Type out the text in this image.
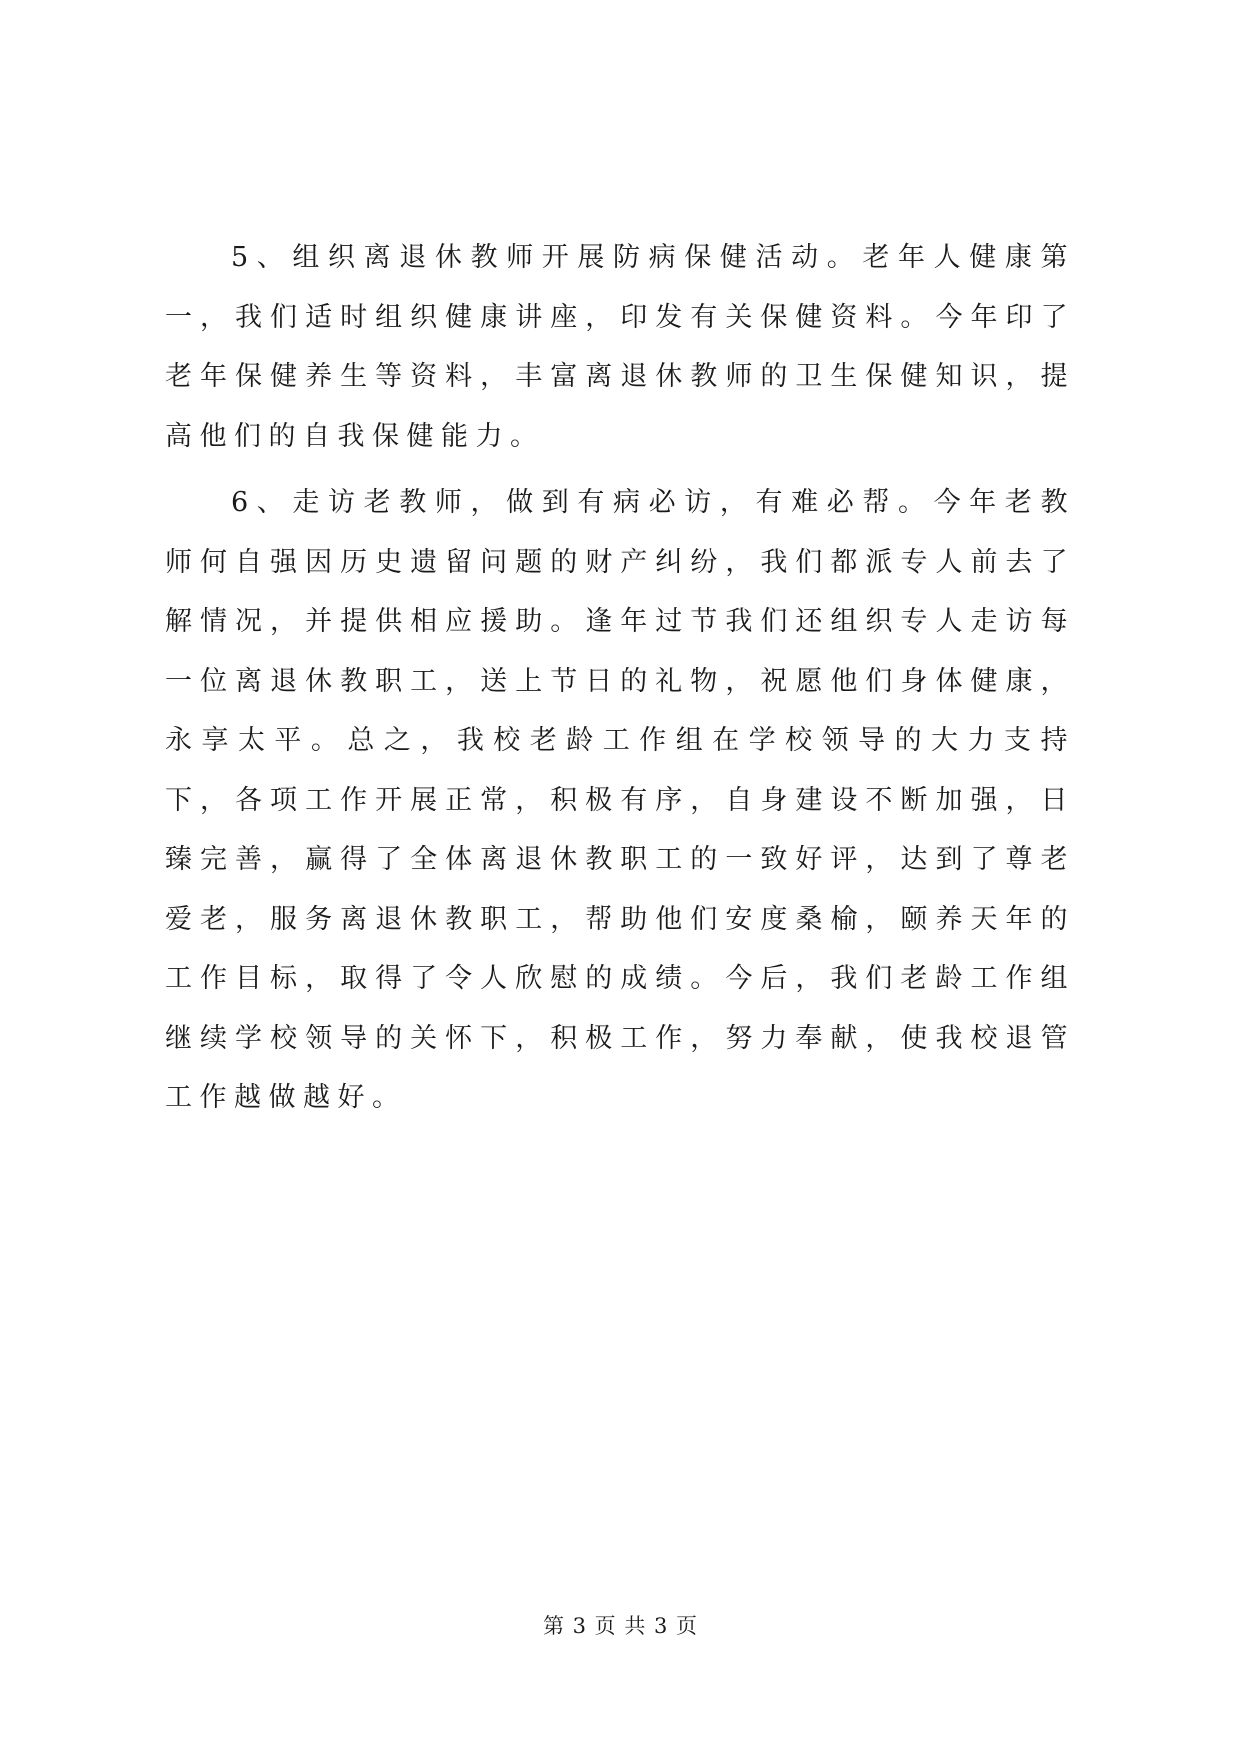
5、组织离退休教师开展防病保健活动。老年人健康第一，我们适时组织健康讲座，印发有关保健资料。今年印了老年保健养生等资料，丰富离退休教师的卫生保健知识，提高他们的自我保健能力。

6、走访老教师，做到有病必访，有难必帮。今年老教师何自强因历史遗留问题的财产纠纷，我们都派专人前去了解情况，并提供相应援助。逢年过节我们还组织专人走访每一位离退休教职工，送上节日的礼物，祝愿他们身体健康，永享太平。总之，我校老龄工作组在学校领导的大力支持下，各项工作开展正常，积极有序，自身建设不断加强，日臻完善，赢得了全体离退休教职工的一致好评，达到了尊老爱老，服务离退休教职工，帮助他们安度桑榆，颐养天年的工作目标，取得了令人欣慰的成绩。今后，我们老龄工作组继续学校领导的关怀下，积极工作，努力奉献，使我校退管工作越做越好。

第 3 页 共 3 页
